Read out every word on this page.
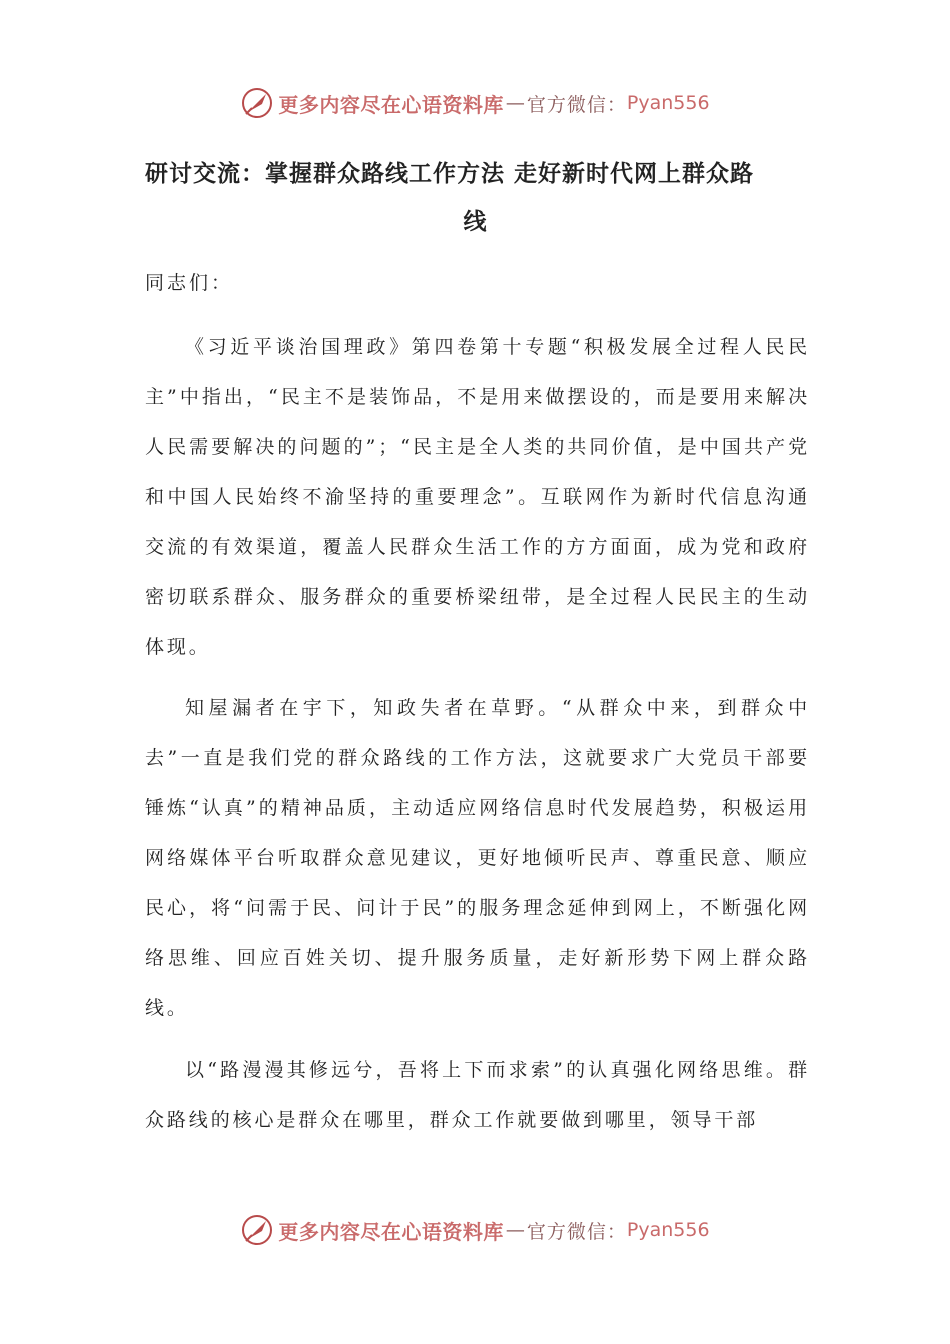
更多内容尽在心语资料库 — 官方微信： Pyan556
研讨交流：掌握群众路线工作方法 走好新时代网上群众路
线
同志们：

《习近平谈治国理政》第四卷第十专题“积极发展全过程人民民主”中指出，“民主不是装饰品，不是用来做摆设的，而是要用来解决人民需要解决的问题的”；“民主是全人类的共同价值，是中国共产党和中国人民始终不渝坚持的重要理念”。互联网作为新时代信息沟通交流的有效渠道，覆盖人民群众生活工作的方方面面，成为党和政府密切联系群众、服务群众的重要桥梁纽带，是全过程人民民主的生动体现。

知屋漏者在宇下，知政失者在草野。“从群众中来，到群众中去”一直是我们党的群众路线的工作方法，这就要求广大党员干部要锤炼“认真”的精神品质，主动适应网络信息时代发展趋势，积极运用网络媒体平台听取群众意见建议，更好地倾听民声、尊重民意、顺应民心，将“问需于民、问计于民”的服务理念延伸到网上，不断强化网络思维、回应百姓关切、提升服务质量，走好新形势下网上群众路线。

以“路漫漫其修远兮，吾将上下而求索”的认真强化网络思维。群众路线的核心是群众在哪里，群众工作就要做到哪里，领导干部

更多内容尽在心语资料库 — 官方微信： Pyan556
